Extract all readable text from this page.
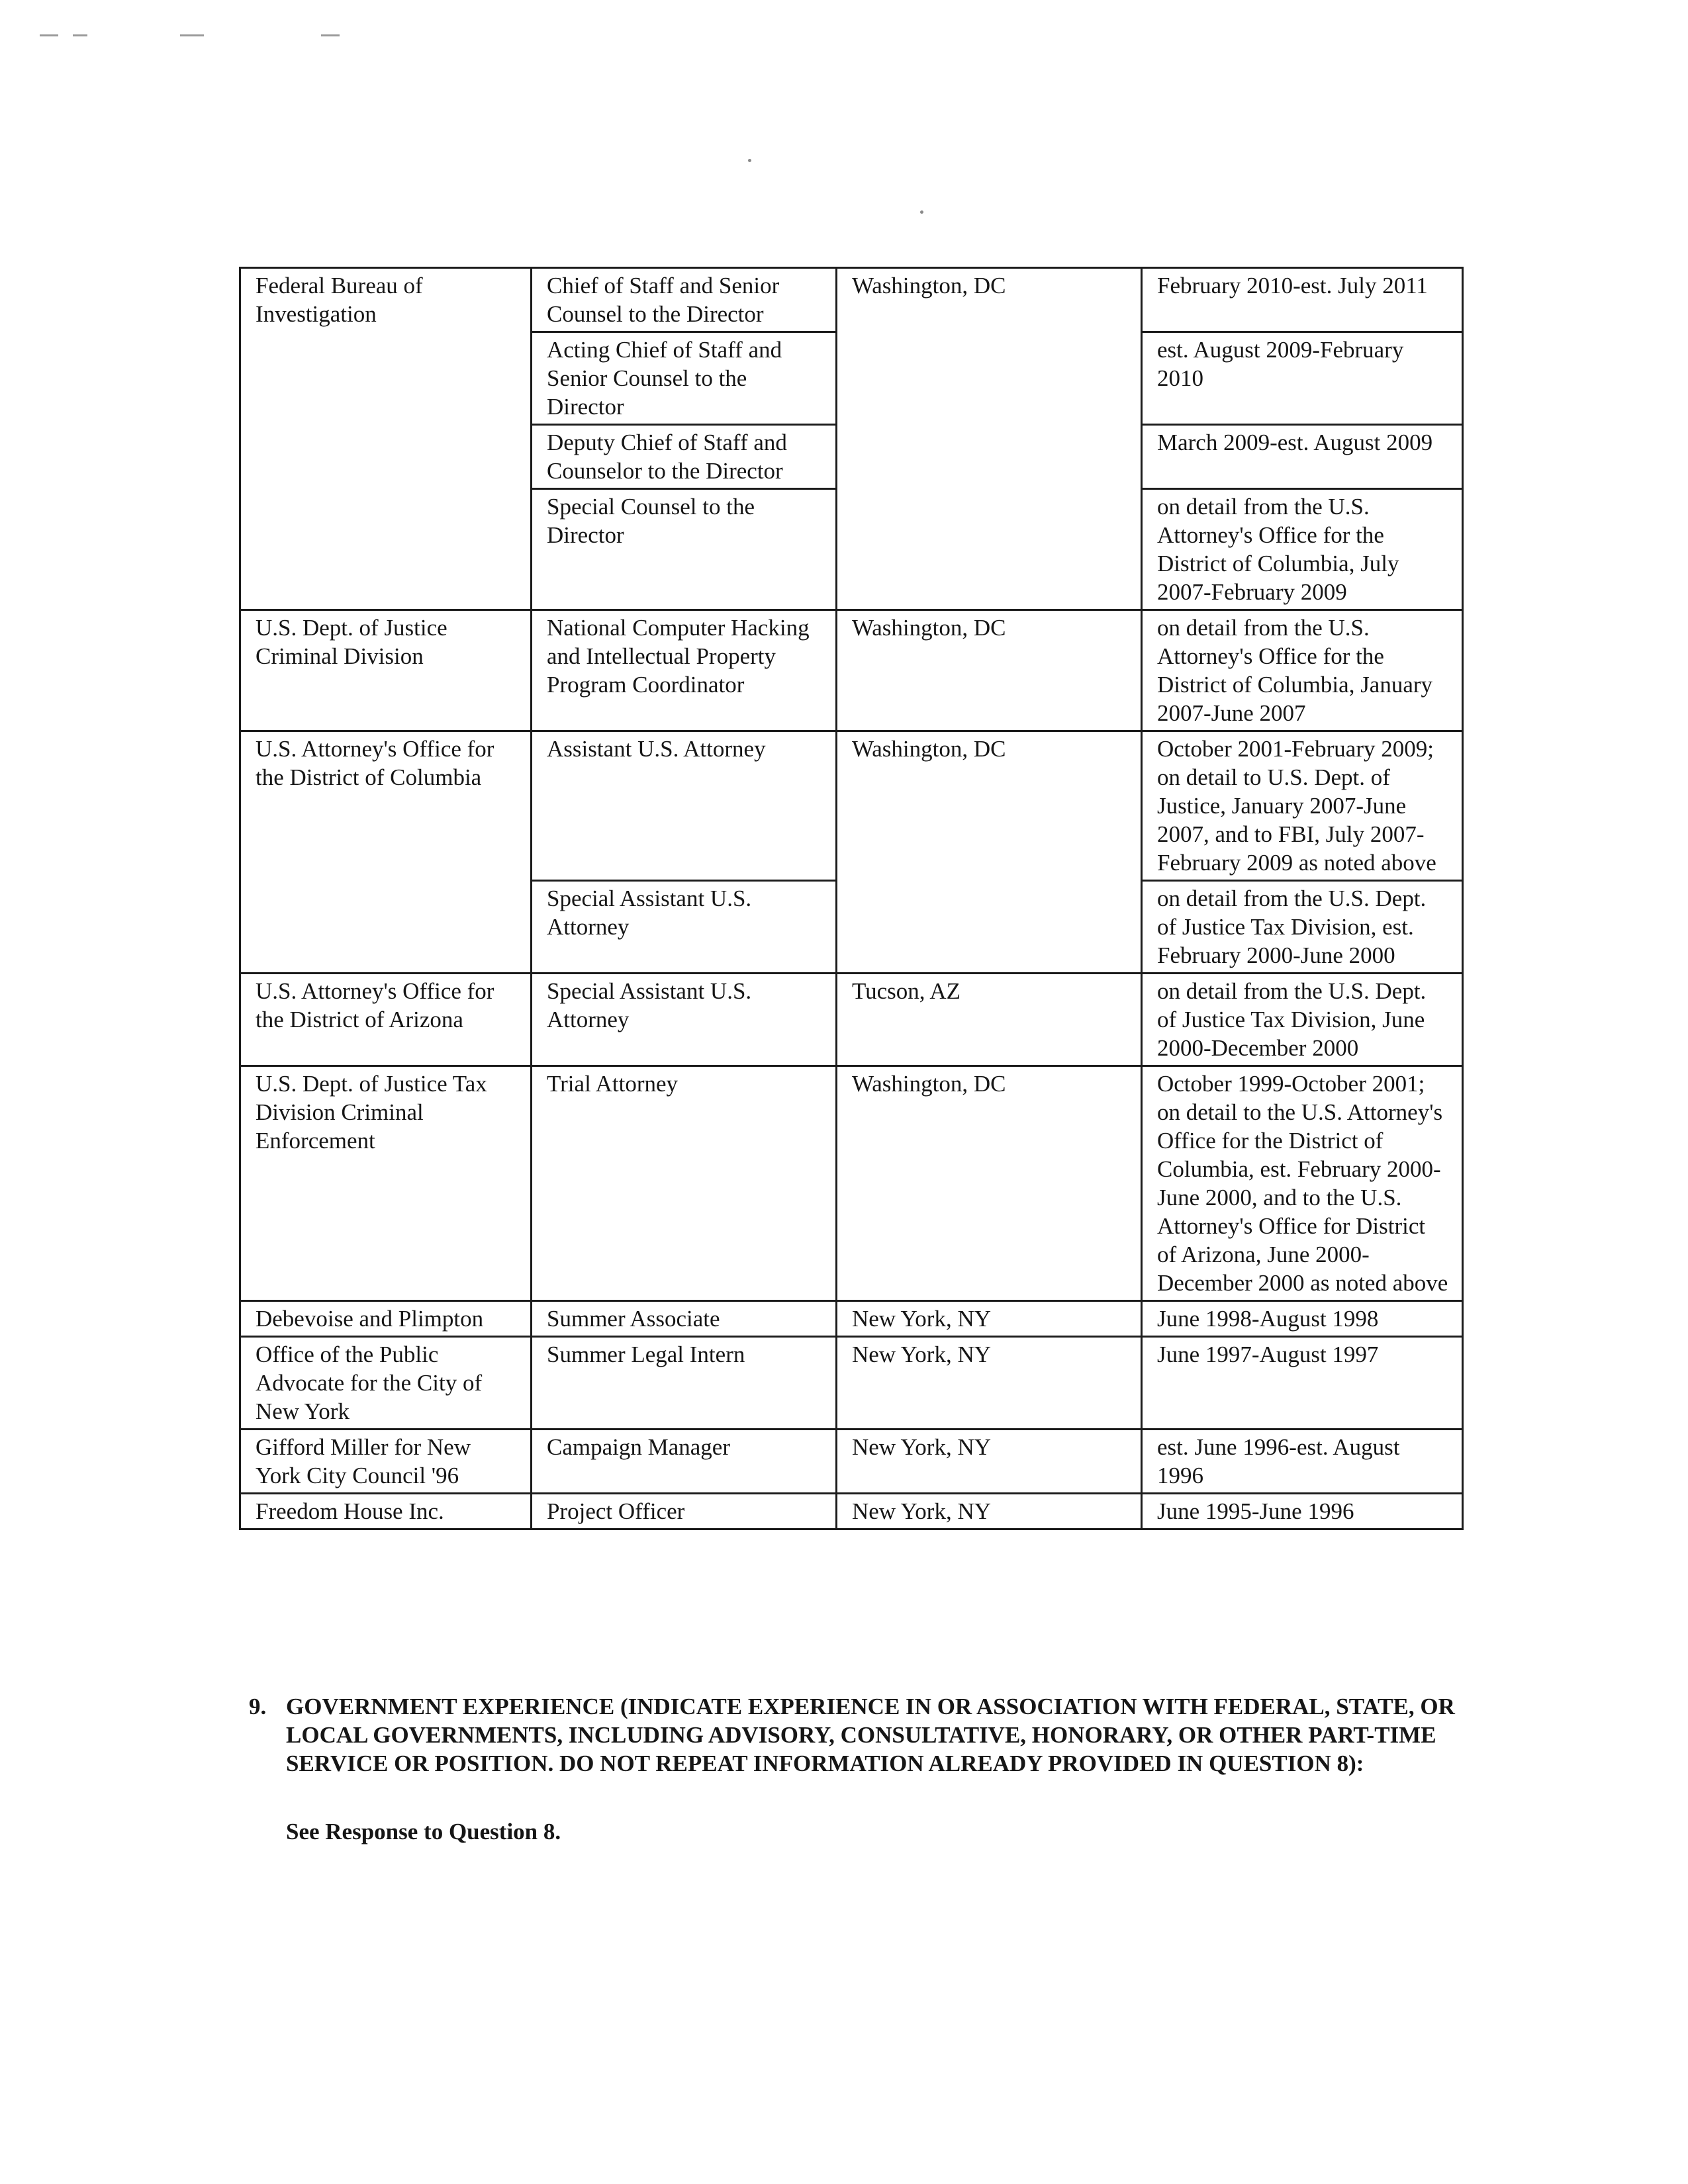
Federal Bureau of Investigation	Chief of Staff and Senior Counsel to the Director	Washington, DC	February 2010-est. July 2011
	Acting Chief of Staff and Senior Counsel to the Director		est. August 2009-February 2010
	Deputy Chief of Staff and Counselor to the Director		March 2009-est. August 2009
	Special Counsel to the Director		on detail from the U.S. Attorney's Office for the District of Columbia, July 2007-February 2009
U.S. Dept. of Justice Criminal Division	National Computer Hacking and Intellectual Property Program Coordinator	Washington, DC	on detail from the U.S. Attorney's Office for the District of Columbia, January 2007-June 2007
U.S. Attorney's Office for the District of Columbia	Assistant U.S. Attorney	Washington, DC	October 2001-February 2009; on detail to U.S. Dept. of Justice, January 2007-June 2007, and to FBI, July 2007-February 2009 as noted above
	Special Assistant U.S. Attorney		on detail from the U.S. Dept. of Justice Tax Division, est. February 2000-June 2000
U.S. Attorney's Office for the District of Arizona	Special Assistant U.S. Attorney	Tucson, AZ	on detail from the U.S. Dept. of Justice Tax Division, June 2000-December 2000
U.S. Dept. of Justice Tax Division Criminal Enforcement	Trial Attorney	Washington, DC	October 1999-October 2001; on detail to the U.S. Attorney's Office for the District of Columbia, est. February 2000-June 2000, and to the U.S. Attorney's Office for District of Arizona, June 2000-December 2000 as noted above
Debevoise and Plimpton	Summer Associate	New York, NY	June 1998-August 1998
Office of the Public Advocate for the City of New York	Summer Legal Intern	New York, NY	June 1997-August 1997
Gifford Miller for New York City Council '96	Campaign Manager	New York, NY	est. June 1996-est. August 1996
Freedom House Inc.	Project Officer	New York, NY	June 1995-June 1996
9. GOVERNMENT EXPERIENCE (INDICATE EXPERIENCE IN OR ASSOCIATION WITH FEDERAL, STATE, OR LOCAL GOVERNMENTS, INCLUDING ADVISORY, CONSULTATIVE, HONORARY, OR OTHER PART-TIME SERVICE OR POSITION. DO NOT REPEAT INFORMATION ALREADY PROVIDED IN QUESTION 8):
See Response to Question 8.
